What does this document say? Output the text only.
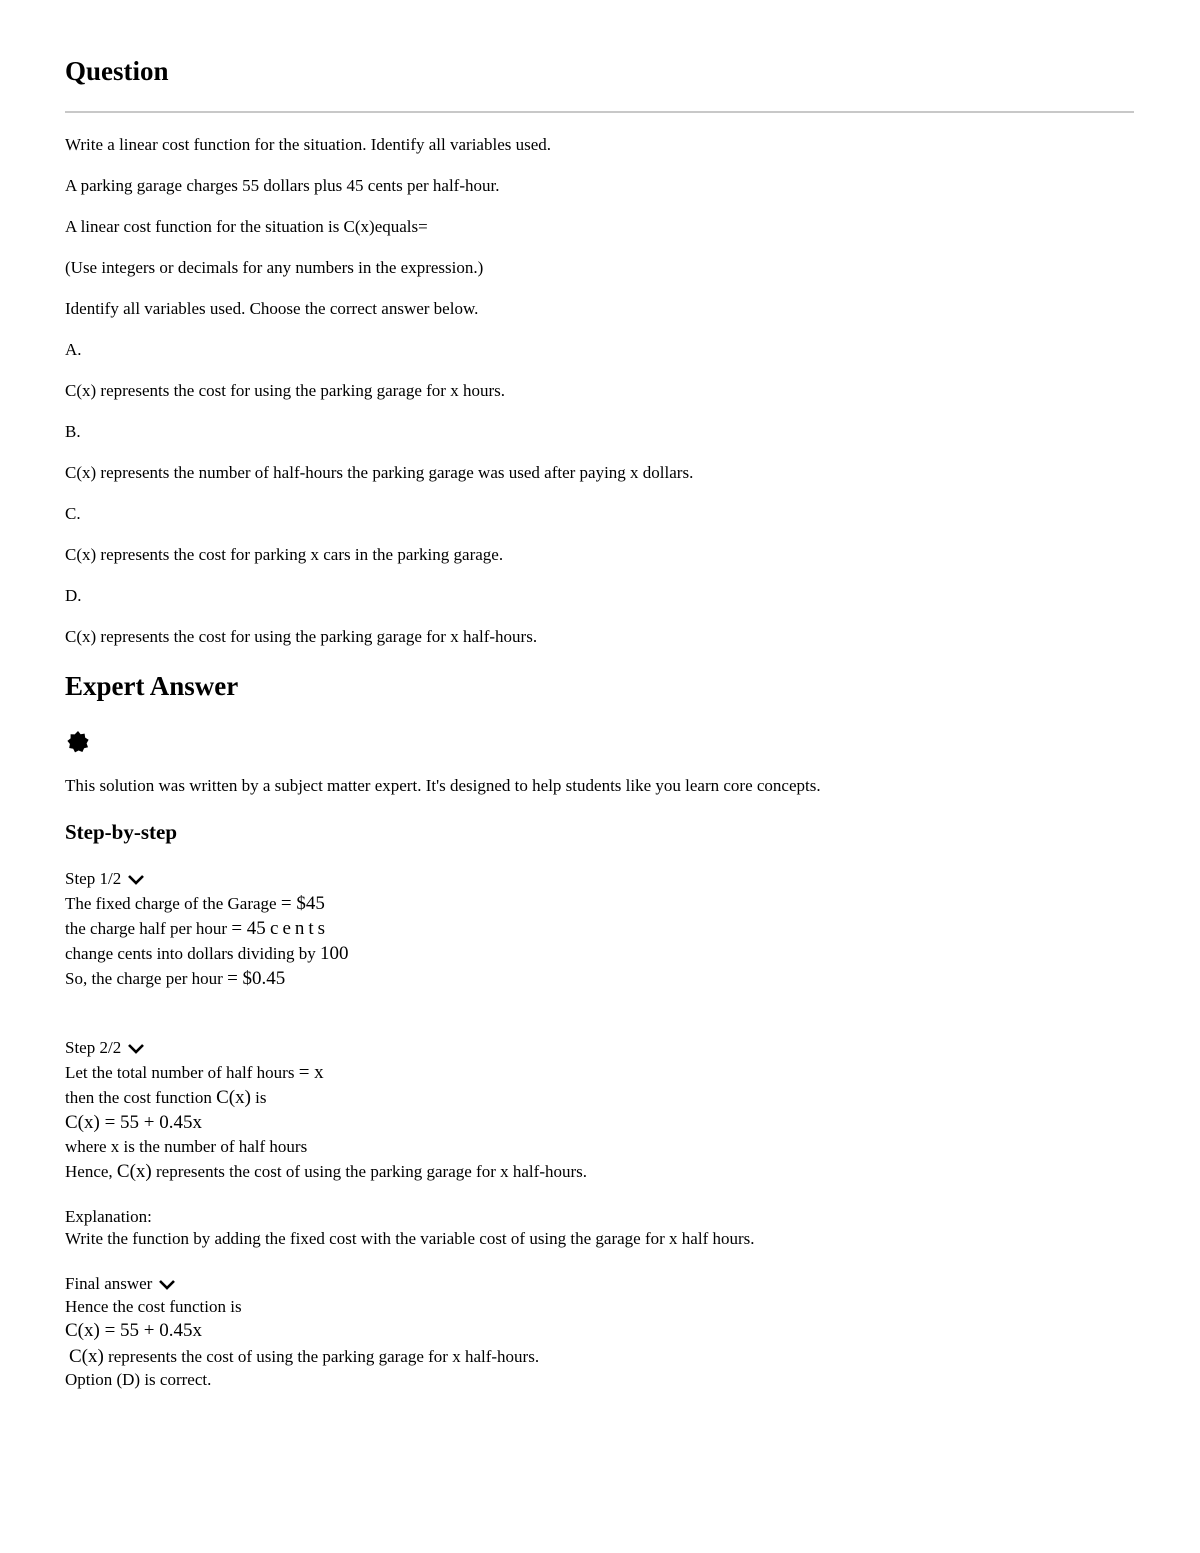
Question
Write a linear cost function for the situation. Identify all variables used.
A parking garage charges 55 dollars plus 45 cents per half-hour.
A linear cost function for the situation is C(x)equals=
(Use integers or decimals for any numbers in the expression.)
Identify all variables used. Choose the correct answer below.
A.
C(x) represents the cost for using the parking garage for x hours.
B.
C(x) represents the number of half-hours the parking garage was used after paying x dollars.
C.
C(x) represents the cost for parking x cars in the parking garage.
D.
C(x) represents the cost for using the parking garage for x half-hours.
Expert Answer
This solution was written by a subject matter expert. It's designed to help students like you learn core concepts.
Step-by-step
Step 1/2
The fixed charge of the Garage = $45
the charge half per hour = 45 cents
change cents into dollars dividing by 100
So, the charge per hour = $0.45
Step 2/2
Let the total number of half hours = x
then the cost function C(x) is
C(x) = 55 + 0.45x
where x is the number of half hours
Hence, C(x) represents the cost of using the parking garage for x half-hours.
Explanation:
Write the function by adding the fixed cost with the variable cost of using the garage for x half hours.
Final answer
Hence the cost function is
C(x) = 55 + 0.45x
C(x) represents the cost of using the parking garage for x half-hours.
Option (D) is correct.
